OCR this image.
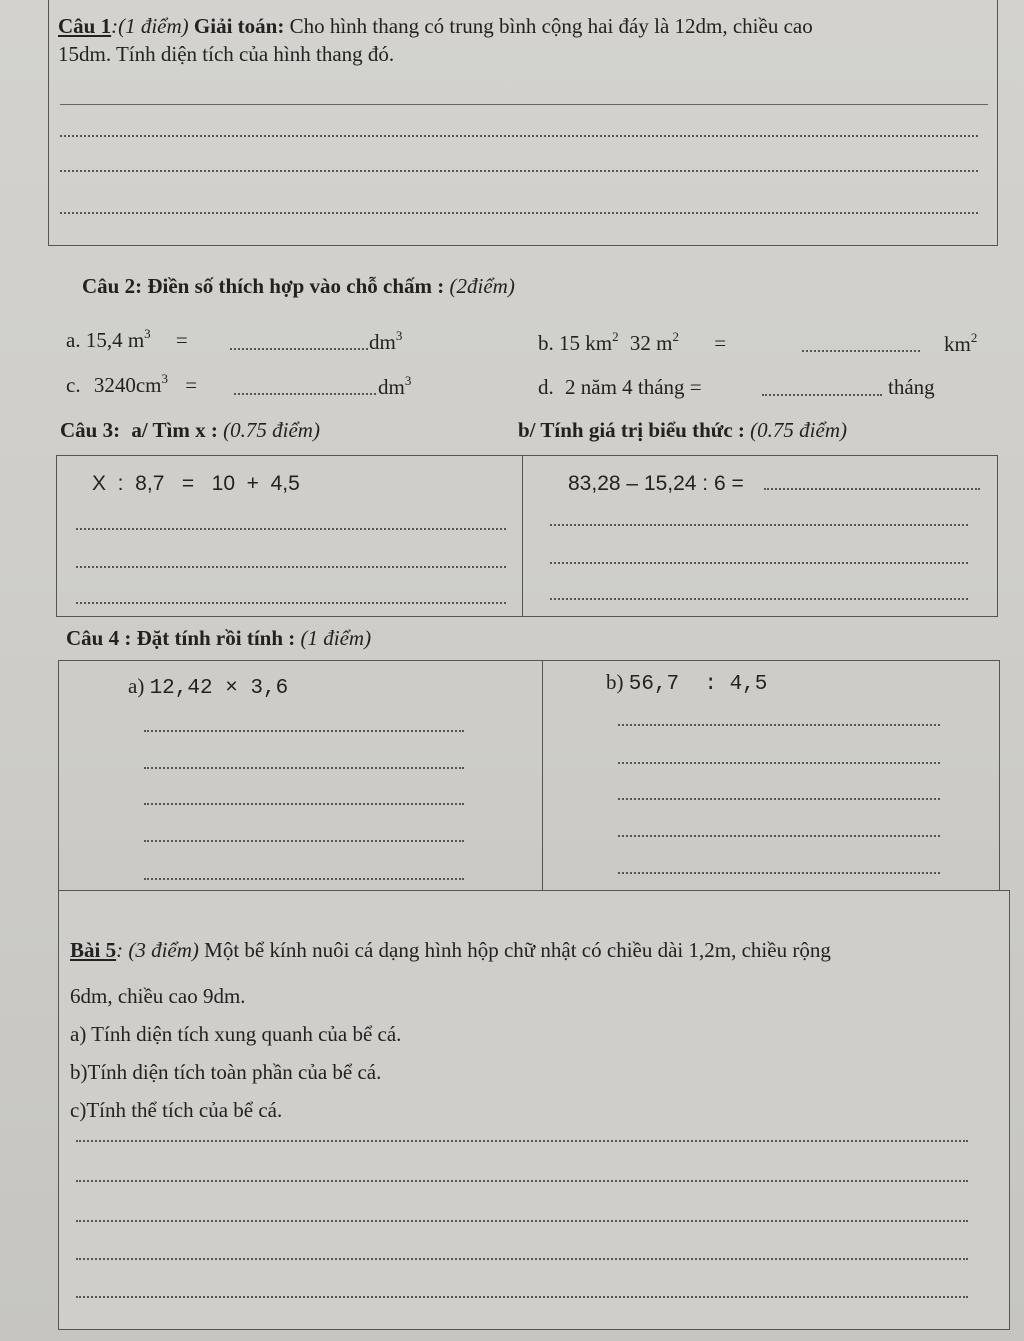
Câu 1:(1 điểm) Giải toán: Cho hình thang có trung bình cộng hai đáy là 12dm, chiều cao
15dm. Tính diện tích của hình thang đó.
Câu 2: Điền số thích hợp vào chỗ chấm : (2điểm)
a. 15,4 $m^3$ =	$dm^3$	b. 15 $km^2$ 32 $m^2$ =	$km^2$
c. $3240cm^3$ =	$dm^3$	d. 2 năm 4 tháng =	tháng
Câu 3: a/ Tìm x : (0.75 điểm)	b/ Tính giá trị biểu thức : (0.75 điểm)
X  :  8,7   =   10  +  4,5	83,28 – 15,24 : 6 =
Câu 4 : Đặt tính rồi tính : (1 điểm)
a) 12,42 × 3,6	b) 56,7  : 4,5
Bài 5: (3 điểm) Một bể kính nuôi cá dạng hình hộp chữ nhật có chiều dài 1,2m, chiều rộng
6dm, chiều cao 9dm.
a) Tính diện tích xung quanh của bể cá.
b)Tính diện tích toàn phần của bể cá.
c)Tính thể tích của bể cá.
